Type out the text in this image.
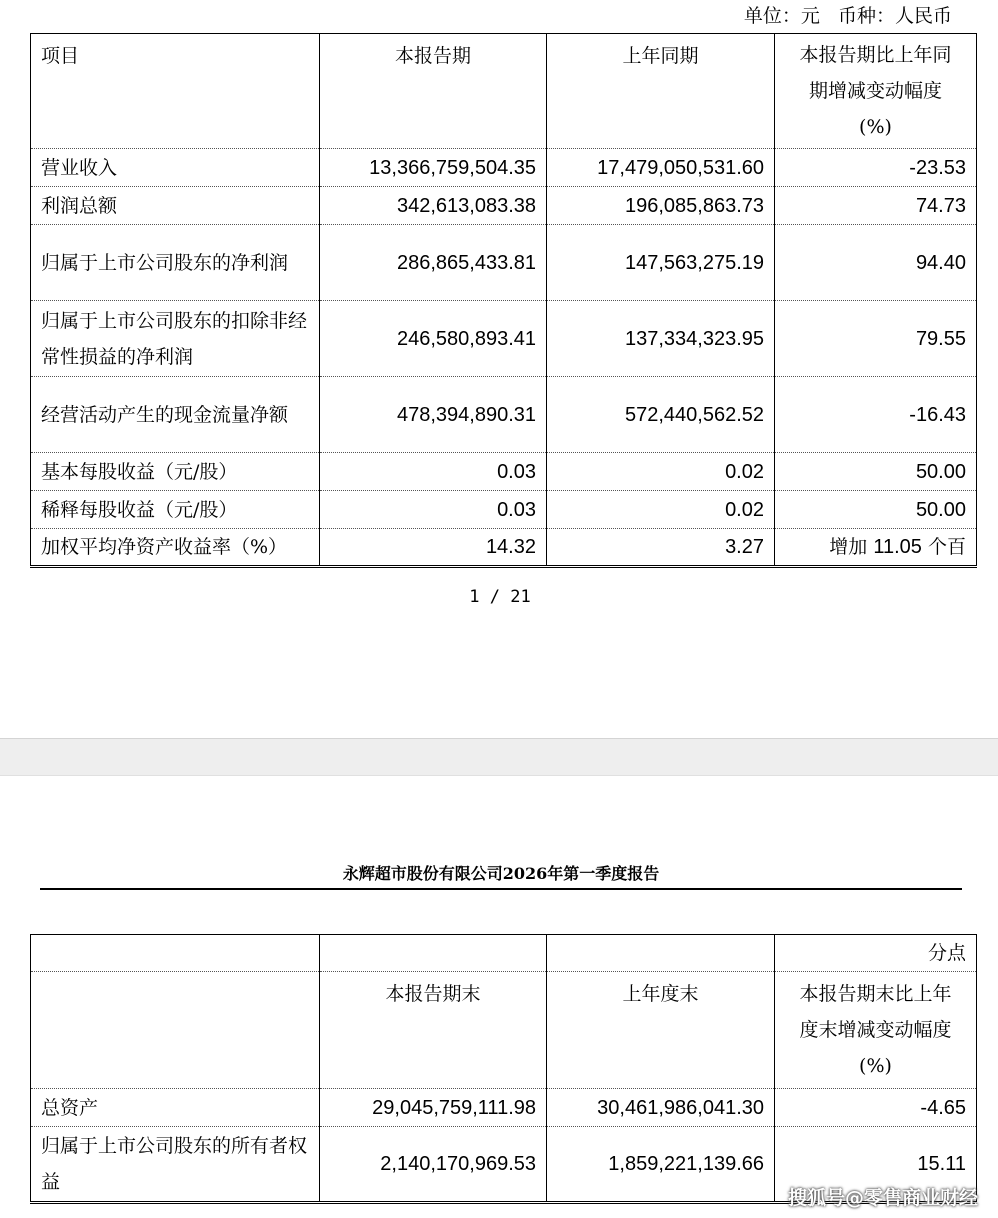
单位：元   币种：人民币
项目	本报告期	上年同期	本报告期比上年同
期增减变动幅度
(%)

营业收入	13,366,759,504.35	17,479,050,531.60	-23.53
利润总额	342,613,083.38	196,085,863.73	74.73
归属于上市公司股东的净利润	286,865,433.81	147,563,275.19	94.40
归属于上市公司股东的扣除非经常性损益的净利润	246,580,893.41	137,334,323.95	79.55
经营活动产生的现金流量净额	478,394,890.31	572,440,562.52	-16.43
基本每股收益（元/股）	0.03	0.02	50.00
稀释每股收益（元/股）	0.03	0.02	50.00
加权平均净资产收益率（%）	14.32	3.27	增加 11.05 个百
1 / 21
永辉超市股份有限公司2026年第一季度报告
			分点
	本报告期末	上年度末	本报告期末比上年
度末增减变动幅度
(%)

总资产	29,045,759,111.98	30,461,986,041.30	-4.65
归属于上市公司股东的所有者权益	2,140,170,969.53	1,859,221,139.66	15.11
搜狐号@零售商业财经
